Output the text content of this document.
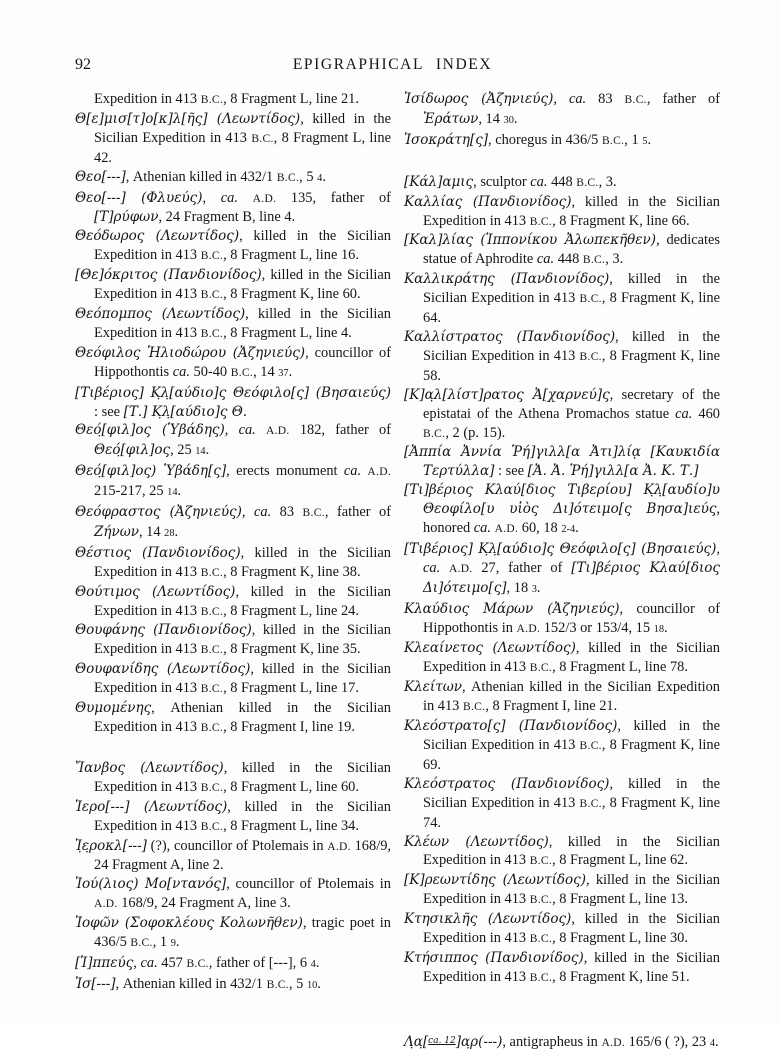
92	EPIGRAPHICAL INDEX

Expedition in 413 B.C., 8 Fragment L, line 21.

Θ[ε]μισ[τ]ο[κ]λ[ῆς] (Λεωντίδος), killed in the Sicilian Expedition in 413 B.C., 8 Fragment L, line 42.

Θεο[---], Athenian killed in 432/1 B.C., 5 4.

Θεο[---] (Φλυεύς), ca. A.D. 135, father of [Τ]ρύφων, 24 Fragment B, line 4.

Θεόδωρος (Λεωντίδος), killed in the Sicilian Expedition in 413 B.C., 8 Fragment L, line 16.

[Θε]όκριτος (Πανδιονίδος), killed in the Sicilian Expedition in 413 B.C., 8 Fragment K, line 60.

Θεόπομπος (Λεωντίδος), killed in the Sicilian Expedition in 413 B.C., 8 Fragment L, line 4.

Θεόφιλος Ἡλιοδώρου (Ἀζηνιεύς), councillor of Hippothontis ca. 50-40 B.C., 14 37.

[Τιβέριος] Κ̣λ̣[αύδιο]ς Θεόφιλο[ς] (Βησαιεύς) : see [Τ.] Κ̣λ̣[αύδιο]ς Θ.

Θεό̣[φιλ]ος (Ὑβάδης), ca. A.D. 182, father of Θεό̣[φιλ]ος, 25 14.

Θεό̣[φιλ]ος) Ὑβάδη[ς], erects monument ca. A.D. 215-217, 25 14.

Θεόφραστος (Ἀζηνιεύς), ca. 83 B.C., father of Ζήνων, 14 28.

Θέστιος (Πανδιονίδος), killed in the Sicilian Expedition in 413 B.C., 8 Fragment K, line 38.

Θούτιμος (Λεωντίδος), killed in the Sicilian Expedition in 413 B.C., 8 Fragment L, line 24.

Θουφάνης (Πανδιονίδος), killed in the Sicilian Expedition in 413 B.C., 8 Fragment K, line 35.

Θουφανίδης (Λεωντίδος), killed in the Sicilian Expedition in 413 B.C., 8 Fragment L, line 17.

Θυμομένης, Athenian killed in the Sicilian Expedition in 413 B.C., 8 Fragment I, line 19.

Ἴανβος (Λεωντίδος), killed in the Sicilian Expedition in 413 B.C., 8 Fragment L, line 60.

Ἱερο[---] (Λεωντίδος), killed in the Sicilian Expedition in 413 B.C., 8 Fragment L, line 34.

Ἱ̣ε̣ροκλ[---] (?), councillor of Ptolemais in A.D. 168/9, 24 Fragment A, line 2.

Ἰού(λιος) Μο[ντανός], councillor of Ptolemais in A.D. 168/9, 24 Fragment A, line 3.

Ἰοφῶν (Σοφοκλέους Κολωνῆθεν), tragic poet in 436/5 B.C., 1 9.

[Ἱ]ππεύς, ca. 457 B.C., father of [---], 6 4.

Ἰσ[---], Athenian killed in 432/1 B.C., 5 10.

Ἰσίδωρος (Ἀζηνιεύς), ca. 83 B.C., father of Ἐράτων, 14 30.

Ἰσοκράτη[ς], choregus in 436/5 B.C., 1 5.

[Κάλ]αμις, sculptor ca. 448 B.C., 3.

Καλλίας (Πανδιονίδος), killed in the Sicilian Expedition in 413 B.C., 8 Fragment K, line 66.

[Καλ]λίας (Ἱππονίκου Ἀλωπεκῆθεν), dedicates statue of Aphrodite ca. 448 B.C., 3.

Καλλικράτης (Πανδιονίδος), killed in the Sicilian Expedition in 413 B.C., 8 Fragment K, line 64.

Καλλίστρατος (Πανδιονίδος), killed in the Sicilian Expedition in 413 B.C., 8 Fragment K, line 58.

[Κ]α̣λ[λίστ]ρατος Ἀ[χαρνεύ]ς, secretary of the epistatai of the Athena Promachos statue ca. 460 B.C., 2 (p. 15).

[Ἀππία Ἀννία Ῥή]γιλλ[α Ἀτι]λίᾳ [Καυκιδία Τερτύλλα] : see [Ἀ. Ἀ. Ῥή]γιλλ[α Ἀ. Κ. Τ.]

[Τι]βέριος Κλαύ[διος Τιβερίου] Κ̣λ̣[αυδίο]υ Θεοφίλο[υ υἱὸς Δι]ότειμο[ς Βησα]ιεύς, honored ca. A.D. 60, 18 2-4.

[Τιβέριος] Κ̣λ̣[αύδιο]ς Θεόφιλο[ς] (Βησαιεύς), ca. A.D. 27, father of [Τι]βέριος Κλαύ[διος Δι]ότειμο[ς], 18 3.

Κλαύδιος Μάρων (Ἀζηνιεύς), councillor of Hippothontis in A.D. 152/3 or 153/4, 15 18.

Κλεαίνετος (Λεωντίδος), killed in the Sicilian Expedition in 413 B.C., 8 Fragment L, line 78.

Κλείτων, Athenian killed in the Sicilian Expedition in 413 B.C., 8 Fragment I, line 21.

Κλεόστρατο[ς] (Πανδιονίδος), killed in the Sicilian Expedition in 413 B.C., 8 Fragment K, line 69.

Κλεόστρατος (Πανδιονίδος), killed in the Sicilian Expedition in 413 B.C., 8 Fragment K, line 74.

Κλέων (Λεωντίδος), killed in the Sicilian Expedition in 413 B.C., 8 Fragment L, line 62.

[Κ]ρεωντίδης (Λεωντίδος), killed in the Sicilian Expedition in 413 B.C., 8 Fragment L, line 13.

Κτησικλῆς (Λεωντίδος), killed in the Sicilian Expedition in 413 B.C., 8 Fragment L, line 30.

Κτήσιππος (Πανδιονίδος), killed in the Sicilian Expedition in 413 B.C., 8 Fragment K, line 51.

Λ̣α̣[$^{ca. 12}$]α̣ρ(---), antigrapheus in A.D. 165/6 ( ?), 23 4.
